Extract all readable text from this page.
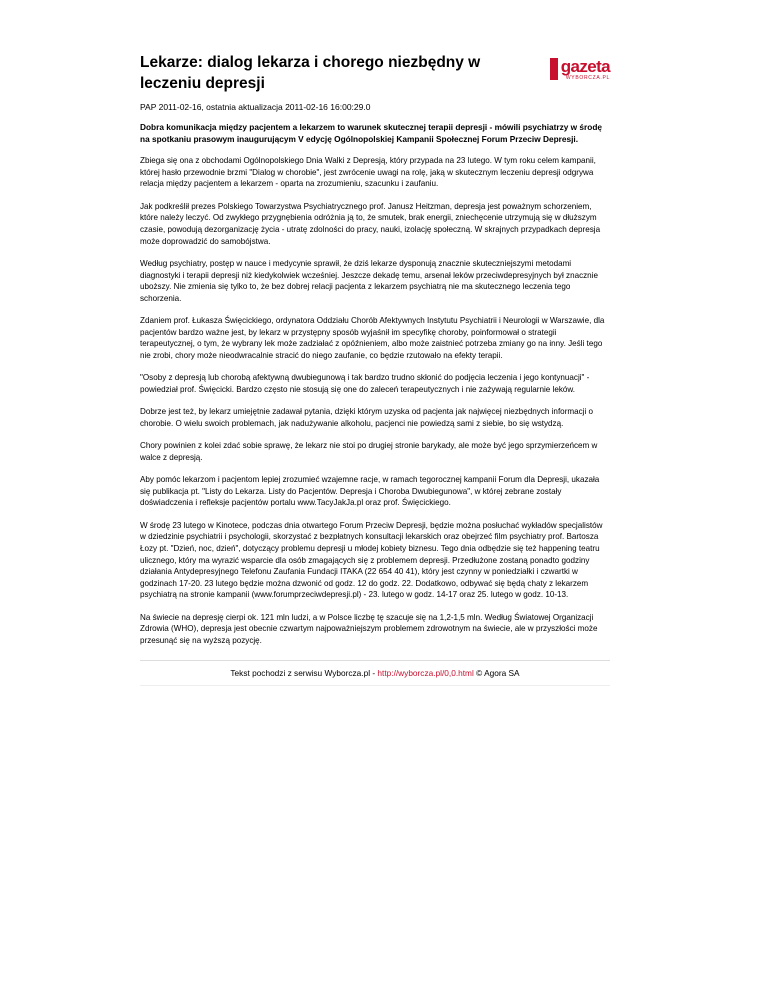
Lekarze: dialog lekarza i chorego niezbędny w leczeniu depresji
gazeta
WYBORCZA.PL
PAP 2011-02-16, ostatnia aktualizacja 2011-02-16 16:00:29.0

Dobra komunikacja między pacjentem a lekarzem to warunek skutecznej terapii depresji - mówili psychiatrzy w środę na spotkaniu prasowym inaugurującym V edycję Ogólnopolskiej Kampanii Społecznej Forum Przeciw Depresji.

Zbiega się ona z obchodami Ogólnopolskiego Dnia Walki z Depresją, który przypada na 23 lutego. W tym roku celem kampanii, której hasło przewodnie brzmi "Dialog w chorobie", jest zwrócenie uwagi na rolę, jaką w skutecznym leczeniu depresji odgrywa relacja między pacjentem a lekarzem - oparta na zrozumieniu, szacunku i zaufaniu.

Jak podkreślił prezes Polskiego Towarzystwa Psychiatrycznego prof. Janusz Heitzman, depresja jest poważnym schorzeniem, które należy leczyć. Od zwykłego przygnębienia odróżnia ją to, że smutek, brak energii, zniechęcenie utrzymują się w dłuższym czasie, powodują dezorganizację życia - utratę zdolności do pracy, nauki, izolację społeczną. W skrajnych przypadkach depresja może doprowadzić do samobójstwa.

Według psychiatry, postęp w nauce i medycynie sprawił, że dziś lekarze dysponują znacznie skuteczniejszymi metodami diagnostyki i terapii depresji niż kiedykolwiek wcześniej. Jeszcze dekadę temu, arsenał leków przeciwdepresyjnych był znacznie uboższy. Nie zmienia się tylko to, że bez dobrej relacji pacjenta z lekarzem psychiatrą nie ma skutecznego leczenia tego schorzenia.

Zdaniem prof. Łukasza Święcickiego, ordynatora Oddziału Chorób Afektywnych Instytutu Psychiatrii i Neurologii w Warszawie, dla pacjentów bardzo ważne jest, by lekarz w przystępny sposób wyjaśnił im specyfikę choroby, poinformował o strategii terapeutycznej, o tym, że wybrany lek może zadziałać z opóźnieniem, albo może zaistnieć potrzeba zmiany go na inny. Jeśli tego nie zrobi, chory może nieodwracalnie stracić do niego zaufanie, co będzie rzutowało na efekty terapii.

"Osoby z depresją lub chorobą afektywną dwubiegunową i tak bardzo trudno skłonić do podjęcia leczenia i jego kontynuacji" - powiedział prof. Święcicki. Bardzo często nie stosują się one do zaleceń terapeutycznych i nie zażywają regularnie leków.

Dobrze jest też, by lekarz umiejętnie zadawał pytania, dzięki którym uzyska od pacjenta jak najwięcej niezbędnych informacji o chorobie. O wielu swoich problemach, jak nadużywanie alkoholu, pacjenci nie powiedzą sami z siebie, bo się wstydzą.

Chory powinien z kolei zdać sobie sprawę, że lekarz nie stoi po drugiej stronie barykady, ale może być jego sprzymierzeńcem w walce z depresją.

Aby pomóc lekarzom i pacjentom lepiej zrozumieć wzajemne racje, w ramach tegorocznej kampanii Forum dla Depresji, ukazała się publikacja pt. "Listy do Lekarza. Listy do Pacjentów. Depresja i Choroba Dwubiegunowa", w której zebrane zostały doświadczenia i refleksje pacjentów portalu www.TacyJakJa.pl oraz prof. Święcickiego.

W środę 23 lutego w Kinotece, podczas dnia otwartego Forum Przeciw Depresji, będzie można posłuchać wykładów specjalistów w dziedzinie psychiatrii i psychologii, skorzystać z bezpłatnych konsultacji lekarskich oraz obejrzeć film psychiatry prof. Bartosza Łozy pt. "Dzień, noc, dzień", dotyczący problemu depresji u młodej kobiety biznesu. Tego dnia odbędzie się też happening teatru ulicznego, który ma wyrazić wsparcie dla osób zmagających się z problemem depresji. Przedłużone zostaną ponadto godziny działania Antydepresyjnego Telefonu Zaufania Fundacji ITAKA (22 654 40 41), który jest czynny w poniedziałki i czwartki w godzinach 17-20. 23 lutego będzie można dzwonić od godz. 12 do godz. 22. Dodatkowo, odbywać się będą chaty z lekarzem psychiatrą na stronie kampanii (www.forumprzeciwdepresji.pl) - 23. lutego w godz. 14-17 oraz 25. lutego w godz. 10-13.

Na świecie na depresję cierpi ok. 121 mln ludzi, a w Polsce liczbę tę szacuje się na 1,2-1,5 mln. Według Światowej Organizacji Zdrowia (WHO), depresja jest obecnie czwartym najpoważniejszym problemem zdrowotnym na świecie, ale w przyszłości może przesunąć się na wyższą pozycję.

Tekst pochodzi z serwisu Wyborcza.pl - http://wyborcza.pl/0,0.html © Agora SA
